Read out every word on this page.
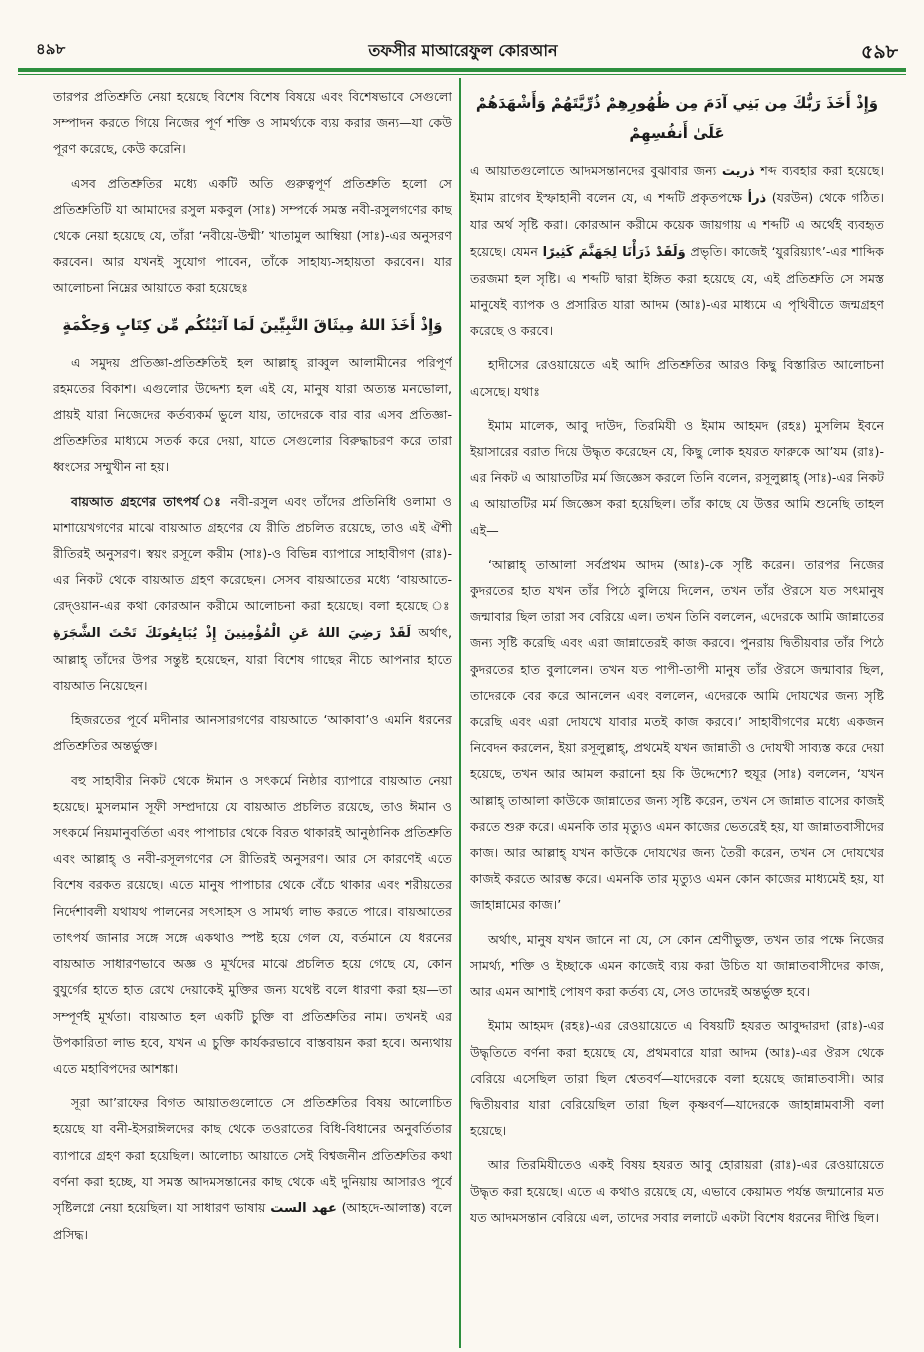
৪৯৮	তফসীর মাআরেফুল কোরআন	৫৯৮

তারপর প্রতিশ্রুতি নেয়া হয়েছে বিশেষ বিশেষ বিষয়ে এবং বিশেষভাবে সেগুলো সম্পাদন করতে গিয়ে নিজের পূর্ণ শক্তি ও সামর্থ্যকে ব্যয় করার জন্য—যা কেউ পূরণ করেছে, কেউ করেনি।

এসব প্রতিশ্রুতির মধ্যে একটি অতি গুরুত্বপূর্ণ প্রতিশ্রুতি হলো সে প্রতিশ্রুতিটি যা আমাদের রসুল মকবুল (সাঃ) সম্পর্কে সমস্ত নবী-রসুলগণের কাছ থেকে নেয়া হয়েছে যে, তাঁরা ‘নবীয়ে-উম্মী’ খাতামুল আম্বিয়া (সাঃ)-এর অনুসরণ করবেন। আর যখনই সুযোগ পাবেন, তাঁকে সাহায্য-সহায়তা করবেন। যার আলোচনা নিম্নের আয়াতে করা হয়েছেঃ

وَإِذْ أَخَذَ اللهُ مِيثَاقَ النَّبِيِّينَ لَمَا آتَيْتُكُم مِّن كِتَابٍ وَحِكْمَةٍ

এ সমুদয় প্রতিজ্ঞা-প্রতিশ্রুতিই হল আল্লাহ্ রাব্বুল আলামীনের পরিপূর্ণ রহমতের বিকাশ। এগুলোর উদ্দেশ্য হল এই যে, মানুষ যারা অত্যন্ত মনভোলা, প্রায়ই যারা নিজেদের কর্তব্যকর্ম ভুলে যায়, তাদেরকে বার বার এসব প্রতিজ্ঞা-প্রতিশ্রুতির মাধ্যমে সতর্ক করে দেয়া, যাতে সেগুলোর বিরুদ্ধাচরণ করে তারা ধ্বংসের সম্মুখীন না হয়।

বায়আত গ্রহণের তাৎপর্য ঃ নবী-রসুল এবং তাঁদের প্রতিনিধি ওলামা ও মাশায়েখগণের মাঝে বায়আত গ্রহণের যে রীতি প্রচলিত রয়েছে, তাও এই ঐশী রীতিরই অনুসরণ। স্বয়ং রসূলে করীম (সাঃ)-ও বিভিন্ন ব্যাপারে সাহাবীগণ (রাঃ)-এর নিকট থেকে বায়আত গ্রহণ করেছেন। সেসব বায়আতের মধ্যে ‘বায়আতে-রেদ্ওয়ান-এর কথা কোরআন করীমে আলোচনা করা হয়েছে। বলা হয়েছে ঃ لَقَدْ رَضِيَ اللهُ عَنِ الْمُؤْمِنِينَ إِذْ يُبَايِعُونَكَ تَحْتَ الشَّجَرَةِ	অর্থাৎ, আল্লাহ্ তাঁদের উপর সন্তুষ্ট হয়েছেন, যারা বিশেষ গাছের নীচে আপনার হাতে বায়আত নিয়েছেন।

হিজরতের পূর্বে মদীনার আনসারগণের বায়আতে ‘আকাবা’ও এমনি ধরনের প্রতিশ্রুতির অন্তর্ভুক্ত।

বহু সাহাবীর নিকট থেকে ঈমান ও সৎকর্মে নিষ্ঠার ব্যাপারে বায়আত নেয়া হয়েছে। মুসলমান সূফী সম্প্রদায়ে যে বায়আত প্রচলিত রয়েছে, তাও ঈমান ও সৎকর্মে নিয়মানুবর্তিতা এবং পাপাচার থেকে বিরত থাকারই আনুষ্ঠানিক প্রতিশ্রুতি এবং আল্লাহ্ ও নবী-রসূলগণের সে রীতিরই অনুসরণ। আর সে কারণেই এতে বিশেষ বরকত রয়েছে। এতে মানুষ পাপাচার থেকে বেঁচে থাকার এবং শরীয়তের নির্দেশাবলী যথাযথ পালনের সৎসাহস ও সামর্থ্য লাভ করতে পারে। বায়আতের তাৎপর্য জানার সঙ্গে সঙ্গে একথাও স্পষ্ট হয়ে গেল যে, বর্তমানে যে ধরনের বায়আত সাধারণভাবে অজ্ঞ ও মূর্খদের মাঝে প্রচলিত হয়ে গেছে যে, কোন বুযুর্গের হাতে হাত রেখে দেয়াকেই মুক্তির জন্য যথেষ্ট বলে ধারণা করা হয়—তা সম্পূর্ণই মূর্খতা। বায়আত হল একটি চুক্তি বা প্রতিশ্রুতির নাম। তখনই এর উপকারিতা লাভ হবে, যখন এ চুক্তি কার্যকরভাবে বাস্তবায়ন করা হবে। অন্যথায় এতে মহাবিপদের আশঙ্কা।

সূরা আ’রাফের বিগত আয়াতগুলোতে সে প্রতিশ্রুতির বিষয় আলোচিত হয়েছে যা বনী-ইসরাঈলদের কাছ থেকে তওরাতের বিধি-বিধানের অনুবর্তিতার ব্যাপারে গ্রহণ করা হয়েছিল। আলোচ্য আয়াতে সেই বিশ্বজনীন প্রতিশ্রুতির কথা বর্ণনা করা হচ্ছে, যা সমস্ত আদমসন্তানের কাছ থেকে এই দুনিয়ায় আসারও পূর্বে সৃষ্টিলগ্নে নেয়া হয়েছিল। যা সাধারণ ভাষায় عهد الست (আহদে-আলাস্ত) বলে প্রসিদ্ধ।

وَإِذْ أَخَذَ رَبُّكَ مِن بَنِي آدَمَ مِن ظُهُورِهِمْ ذُرِّيَّتَهُمْ وَأَشْهَدَهُمْ عَلَىٰ أَنفُسِهِمْ

এ আয়াতগুলোতে আদমসন্তানদের বুঝাবার জন্য ذريت শব্দ ব্যবহার করা হয়েছে। ইমাম রাগেব ইস্ফাহানী বলেন যে, এ শব্দটি প্রকৃতপক্ষে ذرأ (যরউন) থেকে গঠিত। যার অর্থ সৃষ্টি করা। কোরআন করীমে কয়েক জায়গায় এ শব্দটি এ অর্থেই ব্যবহৃত হয়েছে। যেমন وَلَقَدْ ذَرَأْنَا لِجَهَنَّمَ كَثِيرًا প্রভৃতি। কাজেই ‘যুররিয়্যাৎ’-এর শাব্দিক তরজমা হল সৃষ্টি। এ শব্দটি দ্বারা ইঙ্গিত করা হয়েছে যে, এই প্রতিশ্রুতি সে সমস্ত মানুষেই ব্যাপক ও প্রসারিত যারা আদম (আঃ)-এর মাধ্যমে এ পৃথিবীতে জন্মগ্রহণ করেছে ও করবে।

হাদীসের রেওয়ায়েতে এই আদি প্রতিশ্রুতির আরও কিছু বিস্তারিত আলোচনা এসেছে। যথাঃ

ইমাম মালেক, আবু দাউদ, তিরমিযী ও ইমাম আহমদ (রহঃ) মুসলিম ইবনে ইয়াসারের বরাত দিয়ে উদ্ধৃত করেছেন যে, কিছু লোক হযরত ফারুকে আ’যম (রাঃ)-এর নিকট এ আয়াতটির মর্ম জিজ্ঞেস করলে তিনি বলেন, রসূলুল্লাহ্ (সাঃ)-এর নিকট এ আয়াতটির মর্ম জিজ্ঞেস করা হয়েছিল। তাঁর কাছে যে উত্তর আমি শুনেছি তাহল এই—

‘আল্লাহ্ তাআলা সর্বপ্রথম আদম (আঃ)-কে সৃষ্টি করেন। তারপর নিজের কুদরতের হাত যখন তাঁর পিঠে বুলিয়ে দিলেন, তখন তাঁর ঔরসে যত সৎমানুষ জন্মাবার ছিল তারা সব বেরিয়ে এল। তখন তিনি বললেন, এদেরকে আমি জান্নাতের জন্য সৃষ্টি করেছি এবং এরা জান্নাতেরই কাজ করবে। পুনরায় দ্বিতীয়বার তাঁর পিঠে কুদরতের হাত বুলালেন। তখন যত পাপী-তাপী মানুষ তাঁর ঔরসে জন্মাবার ছিল, তাদেরকে বের করে আনলেন এবং বললেন, এদেরকে আমি দোযখের জন্য সৃষ্টি করেছি এবং এরা দোযখে যাবার মতই কাজ করবে।’ সাহাবীগণের মধ্যে একজন নিবেদন করলেন, ইয়া রসূলুল্লাহ্, প্রথমেই যখন জান্নাতী ও দোযখী সাব্যস্ত করে দেয়া হয়েছে, তখন আর আমল করানো হয় কি উদ্দেশ্যে? হুযূর (সাঃ) বললেন, ‘যখন আল্লাহ্ তাআলা কাউকে জান্নাতের জন্য সৃষ্টি করেন, তখন সে জান্নাত বাসের কাজই করতে শুরু করে। এমনকি তার মৃত্যুও এমন কাজের ভেতরেই হয়, যা জান্নাতবাসীদের কাজ। আর আল্লাহ্ যখন কাউকে দোযখের জন্য তৈরী করেন, তখন সে দোযখের কাজই করতে আরম্ভ করে। এমনকি তার মৃত্যুও এমন কোন কাজের মাধ্যমেই হয়, যা জাহান্নামের কাজ।’

অর্থাৎ, মানুষ যখন জানে না যে, সে কোন শ্রেণীভুক্ত, তখন তার পক্ষে নিজের সামর্থ্য, শক্তি ও ইচ্ছাকে এমন কাজেই ব্যয় করা উচিত যা জান্নাতবাসীদের কাজ, আর এমন আশাই পোষণ করা কর্তব্য যে, সেও তাদেরই অন্তর্ভুক্ত হবে।

ইমাম আহমদ (রহঃ)-এর রেওয়ায়েতে এ বিষয়টি হযরত আবুদ্দারদা (রাঃ)-এর উদ্ধৃতিতে বর্ণনা করা হয়েছে যে, প্রথমবারে যারা আদম (আঃ)-এর ঔরস থেকে বেরিয়ে এসেছিল তারা ছিল শ্বেতবর্ণ—যাদেরকে বলা হয়েছে জান্নাতবাসী। আর দ্বিতীয়বার যারা বেরিয়েছিল তারা ছিল কৃষ্ণবর্ণ—যাদেরকে জাহান্নামবাসী বলা হয়েছে।

আর তিরমিযীতেও একই বিষয় হযরত আবু হোরায়রা (রাঃ)-এর রেওয়ায়েতে উদ্ধৃত করা হয়েছে। এতে এ কথাও রয়েছে যে, এভাবে কেয়ামত পর্যন্ত জন্মানোর মত যত আদমসন্তান বেরিয়ে এল, তাদের সবার ললাটে একটা বিশেষ ধরনের দীপ্তি ছিল।
